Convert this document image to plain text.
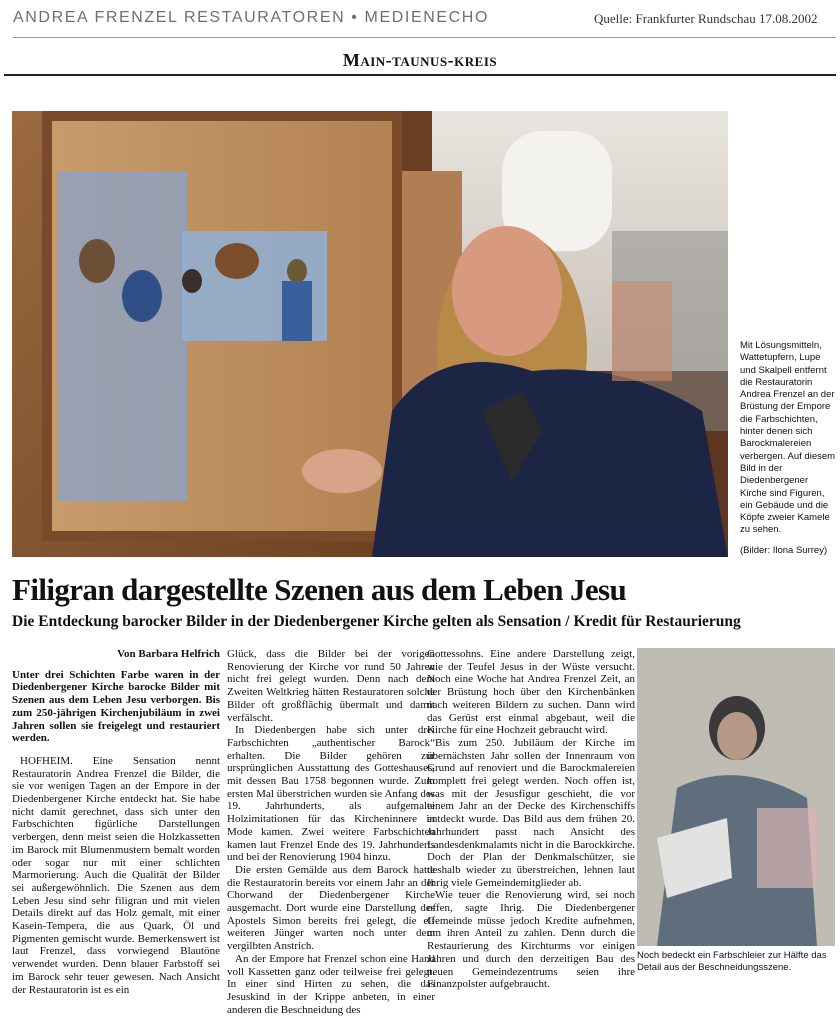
ANDREA FRENZEL RESTAURATOREN • MEDIENECHO	Quelle: Frankfurter Rundschau 17.08.2002
Main-taunus-kreis
Mit Lösungsmitteln, Wattetupfern, Lupe und Skalpell entfernt die Restauratorin Andrea Frenzel an der Brüstung der Empore die Farbschichten, hinter denen sich Barockmalereien verbergen. Auf diesem Bild in der Diedenbergener Kirche sind Figuren, ein Gebäude und die Köpfe zweier Kamele zu sehen.
(Bilder: Ilona Surrey)
Filigran dargestellte Szenen aus dem Leben Jesu
Die Entdeckung barocker Bilder in der Diedenbergener Kirche gelten als Sensation / Kredit für Restaurierung
Von Barbara Helfrich

Unter drei Schichten Farbe waren in der Diedenbergener Kirche barocke Bilder mit Szenen aus dem Leben Jesu verborgen. Bis zum 250-jährigen Kirchenjubiläum in zwei Jahren sollen sie freigelegt und restauriert werden.

HOFHEIM. Eine Sensation nennt Restauratorin Andrea Frenzel die Bilder, die sie vor wenigen Tagen an der Empore in der Diedenbergener Kirche entdeckt hat. Sie habe nicht damit gerechnet, dass sich unter den Farbschichten figürliche Darstellungen verbergen, denn meist seien die Holzkassetten im Barock mit Blumenmustern bemalt worden oder sogar nur mit einer schlichten Marmorierung. Auch die Qualität der Bilder sei außergewöhnlich. Die Szenen aus dem Leben Jesu sind sehr filigran und mit vielen Details direkt auf das Holz gemalt, mit einer Kasein-Tempera, die aus Quark, Öl und Pigmenten gemischt wurde. Bemerkenswert ist laut Frenzel, dass vorwiegend Blautöne verwendet wurden. Denn blauer Farbstoff sei im Barock sehr teuer gewesen. Nach Ansicht der Restauratorin ist es ein

Glück, dass die Bilder bei der vorigen Renovierung der Kirche vor rund 50 Jahren nicht frei gelegt wurden. Denn nach dem Zweiten Weltkrieg hätten Restauratoren solche Bilder oft großflächig übermalt und damit verfälscht.

In Diedenbergen habe sich unter drei Farbschichten „authentischer Barock“ erhalten. Die Bilder gehören zur ursprünglichen Ausstattung des Gotteshauses, mit dessen Bau 1758 begonnen wurde. Zum ersten Mal überstrichen wurden sie Anfang des 19. Jahrhunderts, als aufgemalte Holzimitationen für das Kircheninnere in Mode kamen. Zwei weitere Farbschichten kamen laut Frenzel Ende des 19. Jahrhunderts und bei der Renovierung 1904 hinzu.

Die ersten Gemälde aus dem Barock hatte die Restauratorin bereits vor einem Jahr an der Chorwand der Diedenbergener Kirche ausgemacht. Dort wurde eine Darstellung des Apostels Simon bereits frei gelegt, die elf weiteren Jünger warten noch unter dem vergilbten Anstrich.

An der Empore hat Frenzel schon eine Hand voll Kassetten ganz oder teilweise frei gelegt. In einer sind Hirten zu sehen, die das Jesuskind in der Krippe anbeten, in einer anderen die Beschneidung des

Gottessohns. Eine andere Darstellung zeigt, wie der Teufel Jesus in der Wüste versucht. Noch eine Woche hat Andrea Frenzel Zeit, an der Brüstung hoch über den Kirchenbänken nach weiteren Bildern zu suchen. Dann wird das Gerüst erst einmal abgebaut, weil die Kirche für eine Hochzeit gebraucht wird.

Bis zum 250. Jubiläum der Kirche im übernächsten Jahr sollen der Innenraum von Grund auf renoviert und die Barockmalereien komplett frei gelegt werden. Noch offen ist, was mit der Jesusfigur geschieht, die vor einem Jahr an der Decke des Kirchenschiffs entdeckt wurde. Das Bild aus dem frühen 20. Jahrhundert passt nach Ansicht des Landesdenkmalamts nicht in die Barockkirche. Doch der Plan der Denkmalschützer, sie deshalb wieder zu überstreichen, lehnen laut Ihrig viele Gemeindemitglieder ab.

Wie teuer die Renovierung wird, sei noch offen, sagte Ihrig. Die Diedenbergener Gemeinde müsse jedoch Kredite aufnehmen, um ihren Anteil zu zahlen. Denn durch die Restaurierung des Kirchturms vor einigen Jahren und durch den derzeitigen Bau des neuen Gemeindezentrums seien ihre Finanzpolster aufgebraucht.

Noch bedeckt ein Farbschleier zur Hälfte das Detail aus der Beschneidungsszene.
